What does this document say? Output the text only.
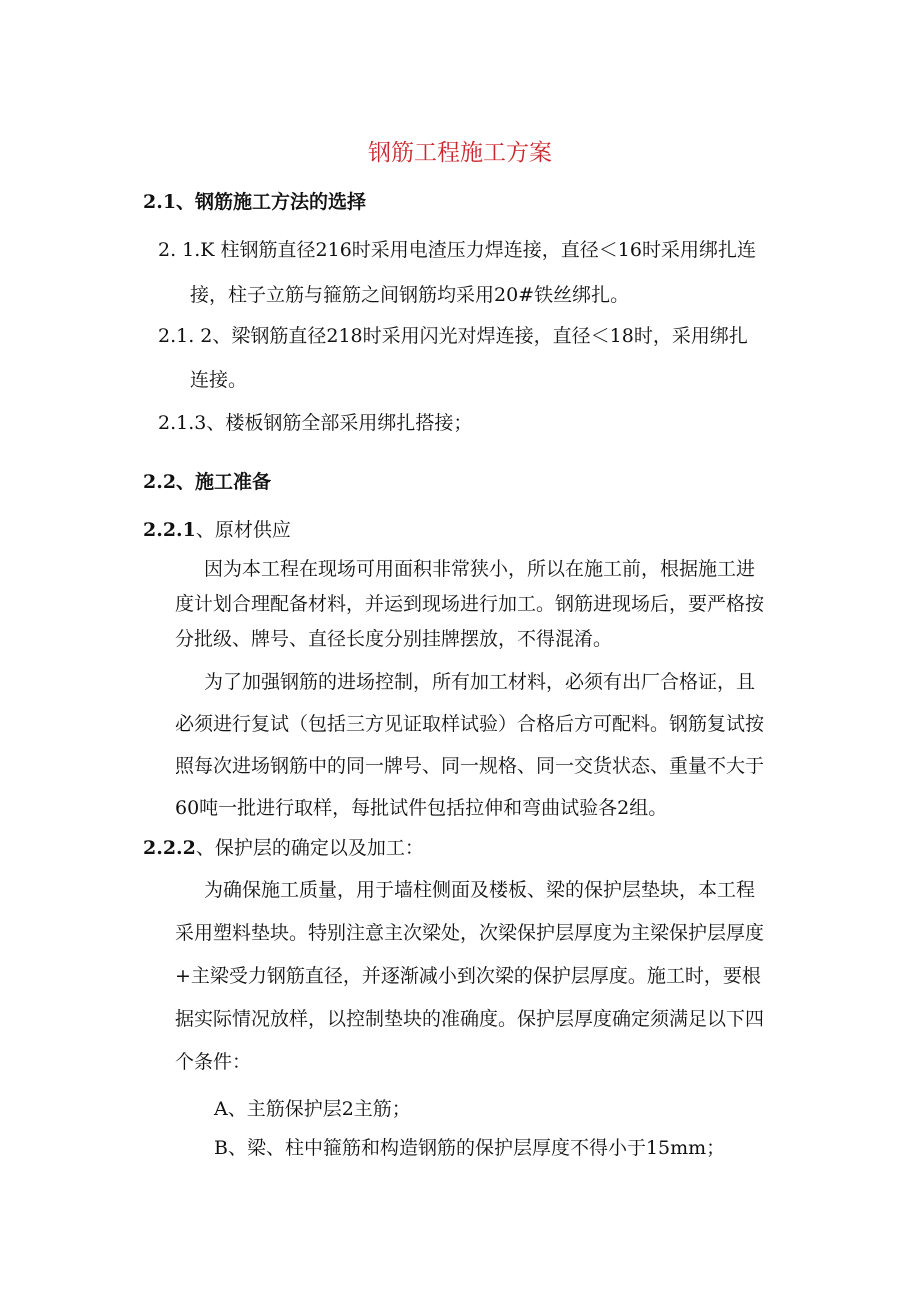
钢筋工程施工方案
2.1、钢筋施工方法的选择
2. 1.K 柱钢筋直径216时采用电渣压力焊连接，直径＜16时采用绑扎连
接，柱子立筋与箍筋之间钢筋均采用20#铁丝绑扎。
2.1. 2、梁钢筋直径218时采用闪光对焊连接，直径＜18时，采用绑扎
连接。
2.1.3、楼板钢筋全部采用绑扎搭接；
2.2、施工准备
2.2.1、原材供应
因为本工程在现场可用面积非常狭小，所以在施工前，根据施工进
度计划合理配备材料，并运到现场进行加工。钢筋进现场后，要严格按
分批级、牌号、直径长度分别挂牌摆放，不得混淆。
为了加强钢筋的进场控制，所有加工材料，必须有出厂合格证，且
必须进行复试（包括三方见证取样试验）合格后方可配料。钢筋复试按
照每次进场钢筋中的同一牌号、同一规格、同一交货状态、重量不大于
60吨一批进行取样，每批试件包括拉伸和弯曲试验各2组。
2.2.2、保护层的确定以及加工：
为确保施工质量，用于墙柱侧面及楼板、梁的保护层垫块，本工程
采用塑料垫块。特别注意主次梁处，次梁保护层厚度为主梁保护层厚度
+主梁受力钢筋直径，并逐渐减小到次梁的保护层厚度。施工时，要根
据实际情况放样，以控制垫块的准确度。保护层厚度确定须满足以下四
个条件：
A、主筋保护层2主筋；
B、梁、柱中箍筋和构造钢筋的保护层厚度不得小于15mm；
